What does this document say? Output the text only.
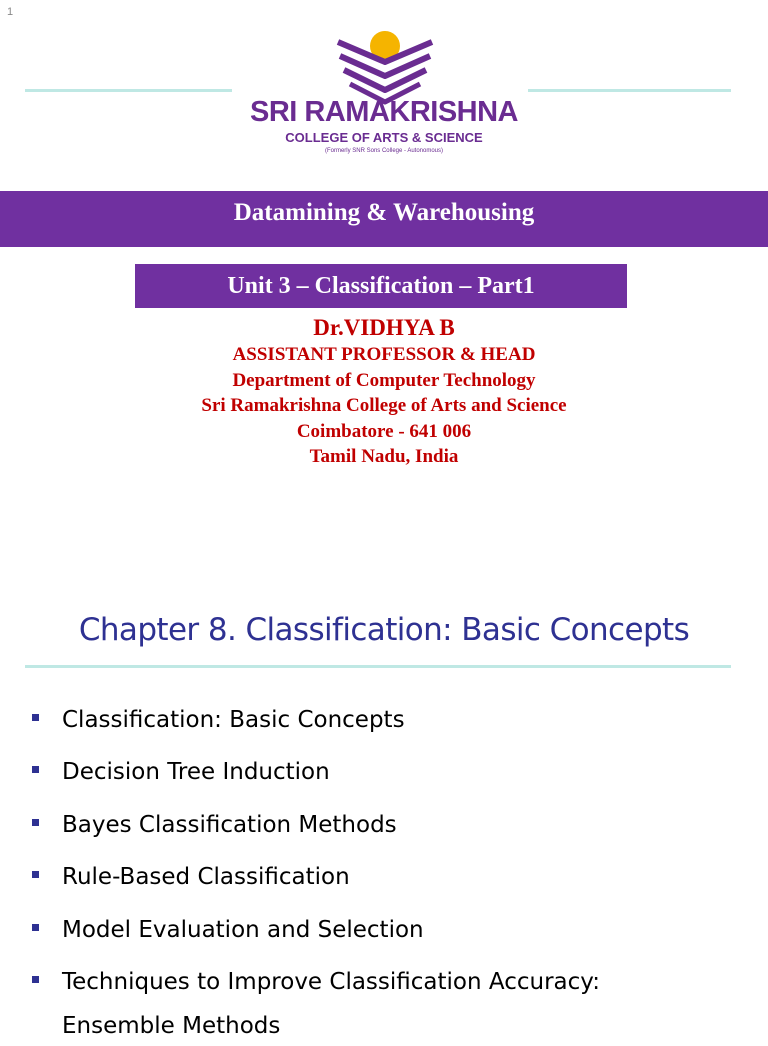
1
SRI RAMAKRISHNA
COLLEGE OF ARTS & SCIENCE
(Formerly SNR Sons College - Autonomous)
Datamining & Warehousing
Unit 3 – Classification – Part1
Dr.VIDHYA B
ASSISTANT PROFESSOR & HEAD
Department of Computer Technology
Sri Ramakrishna College of Arts and Science
Coimbatore - 641 006
Tamil Nadu, India
Chapter 8. Classification: Basic Concepts
Classification: Basic Concepts
Decision Tree Induction
Bayes Classification Methods
Rule-Based Classification
Model Evaluation and Selection
Techniques to Improve Classification Accuracy:
Ensemble Methods
